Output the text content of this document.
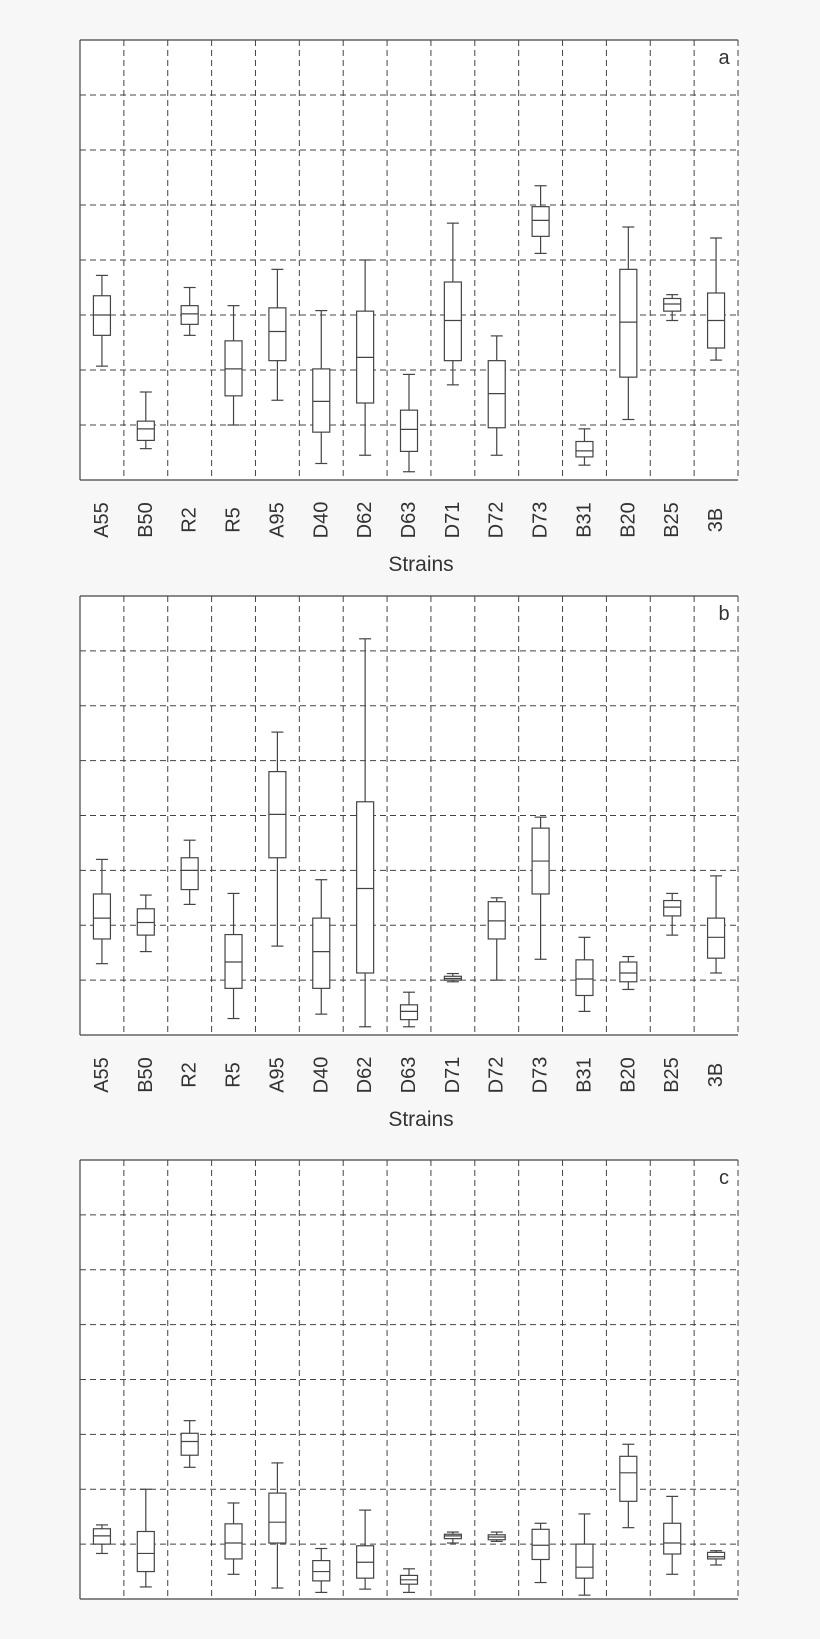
a
A55 B50 R2 R5 A95 D40 D62 D63 D71 D72 D73 B31 B20 B25 3B
Strains
b
A55 B50 R2 R5 A95 D40 D62 D63 D71 D72 D73 B31 B20 B25 3B
Strains
c
